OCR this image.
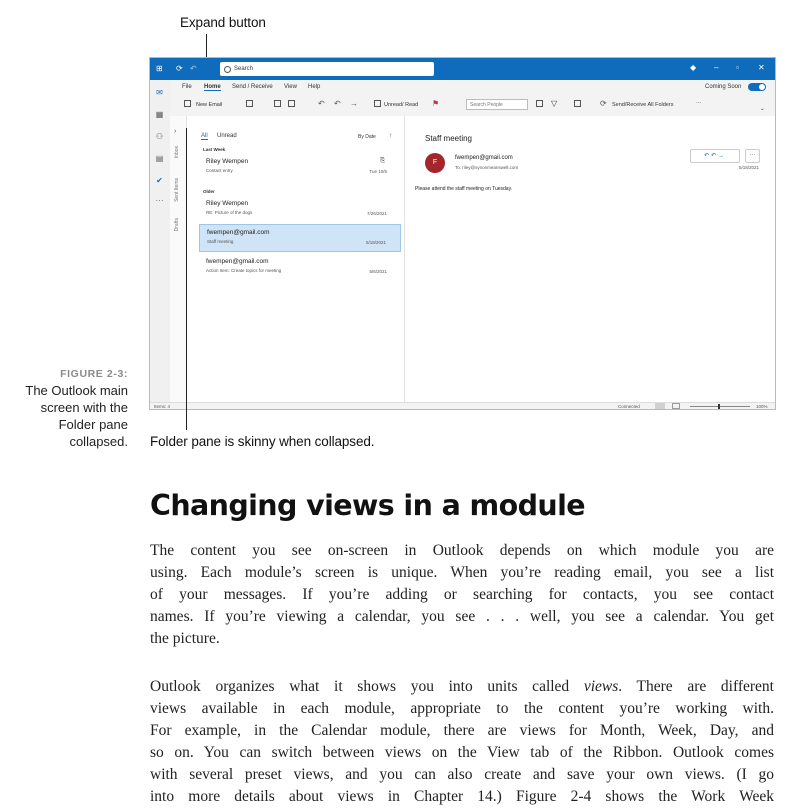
Expand button
⊞ ⟳ ↶	Search	◆ – ▫ ✕
✉
▦
⚇
▤
✔
···
File Home Send / Receive View Help	Coming Soon
New Email	↶ ↶ →	Unread/ Read ⚑	Search People	▽	⟳ Send/Receive All Folders	···
⌄
›
Inbox
Sent Items
Drafts
All Unread	By Date ↑
Last Week
Riley Wempen
Contact entry
⎘
Tue 10/5
Older
Riley Wempen
RE: Picture of the dogs	7/26/2021
fwempen@gmail.com
Staff meeting	5/18/2021
fwempen@gmail.com
Action Item: Create topics for meeting	5/6/2021
Staff meeting
F
fwempen@gmail.com
To: riley@synonmeanswell.com
↶↶→	···
5/18/2021
Please attend the staff meeting on Tuesday.
Items: 4	Connected	100%
Folder pane is skinny when collapsed.
FIGURE 2-3:
The Outlook main
screen with the
Folder pane
collapsed.
Changing views in a module
The content you see on-screen in Outlook depends on which module you are
using. Each module’s screen is unique. When you’re reading email, you see a list
of your messages. If you’re adding or searching for contacts, you see contact
names. If you’re viewing a calendar, you see . . . well, you see a calendar. You get
the picture.
Outlook organizes what it shows you into units called views. There are different
views available in each module, appropriate to the content you’re working with.
For example, in the Calendar module, there are views for Month, Week, Day, and
so on. You can switch between views on the View tab of the Ribbon. Outlook comes
with several preset views, and you can also create and save your own views. (I go
into more details about views in Chapter 14.) Figure 2-4 shows the Work Week
